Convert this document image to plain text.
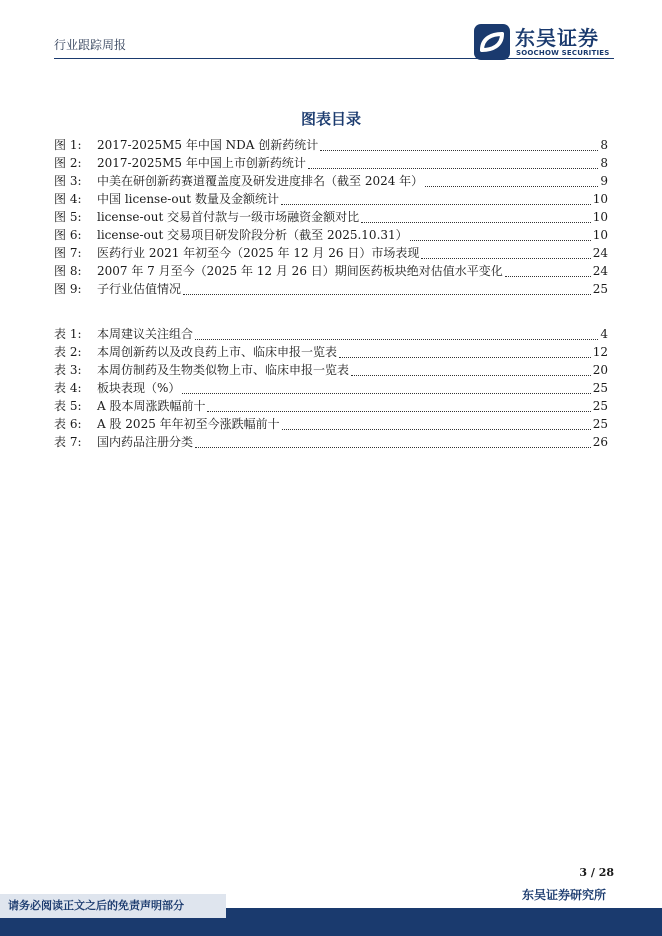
行业跟踪周报	东吴证券
SOOCHOW SECURITIES
图表目录
图 1:	2017-2025M5 年中国 NDA 创新药统计	8
图 2:	2017-2025M5 年中国上市创新药统计	8
图 3:	中美在研创新药赛道覆盖度及研发进度排名（截至 2024 年）	9
图 4:	中国 license-out 数量及金额统计	10
图 5:	license-out 交易首付款与一级市场融资金额对比	10
图 6:	license-out 交易项目研发阶段分析（截至 2025.10.31）	10
图 7:	医药行业 2021 年初至今（2025 年 12 月 26 日）市场表现	24
图 8:	2007 年 7 月至今（2025 年 12 月 26 日）期间医药板块绝对估值水平变化	24
图 9:	子行业估值情况	25
表 1:	本周建议关注组合	4
表 2:	本周创新药以及改良药上市、临床申报一览表	12
表 3:	本周仿制药及生物类似物上市、临床申报一览表	20
表 4:	板块表现（%）	25
表 5:	A 股本周涨跌幅前十	25
表 6:	A 股 2025 年年初至今涨跌幅前十	25
表 7:	国内药品注册分类	26
3 / 28
东吴证券研究所
请务必阅读正文之后的免责声明部分
